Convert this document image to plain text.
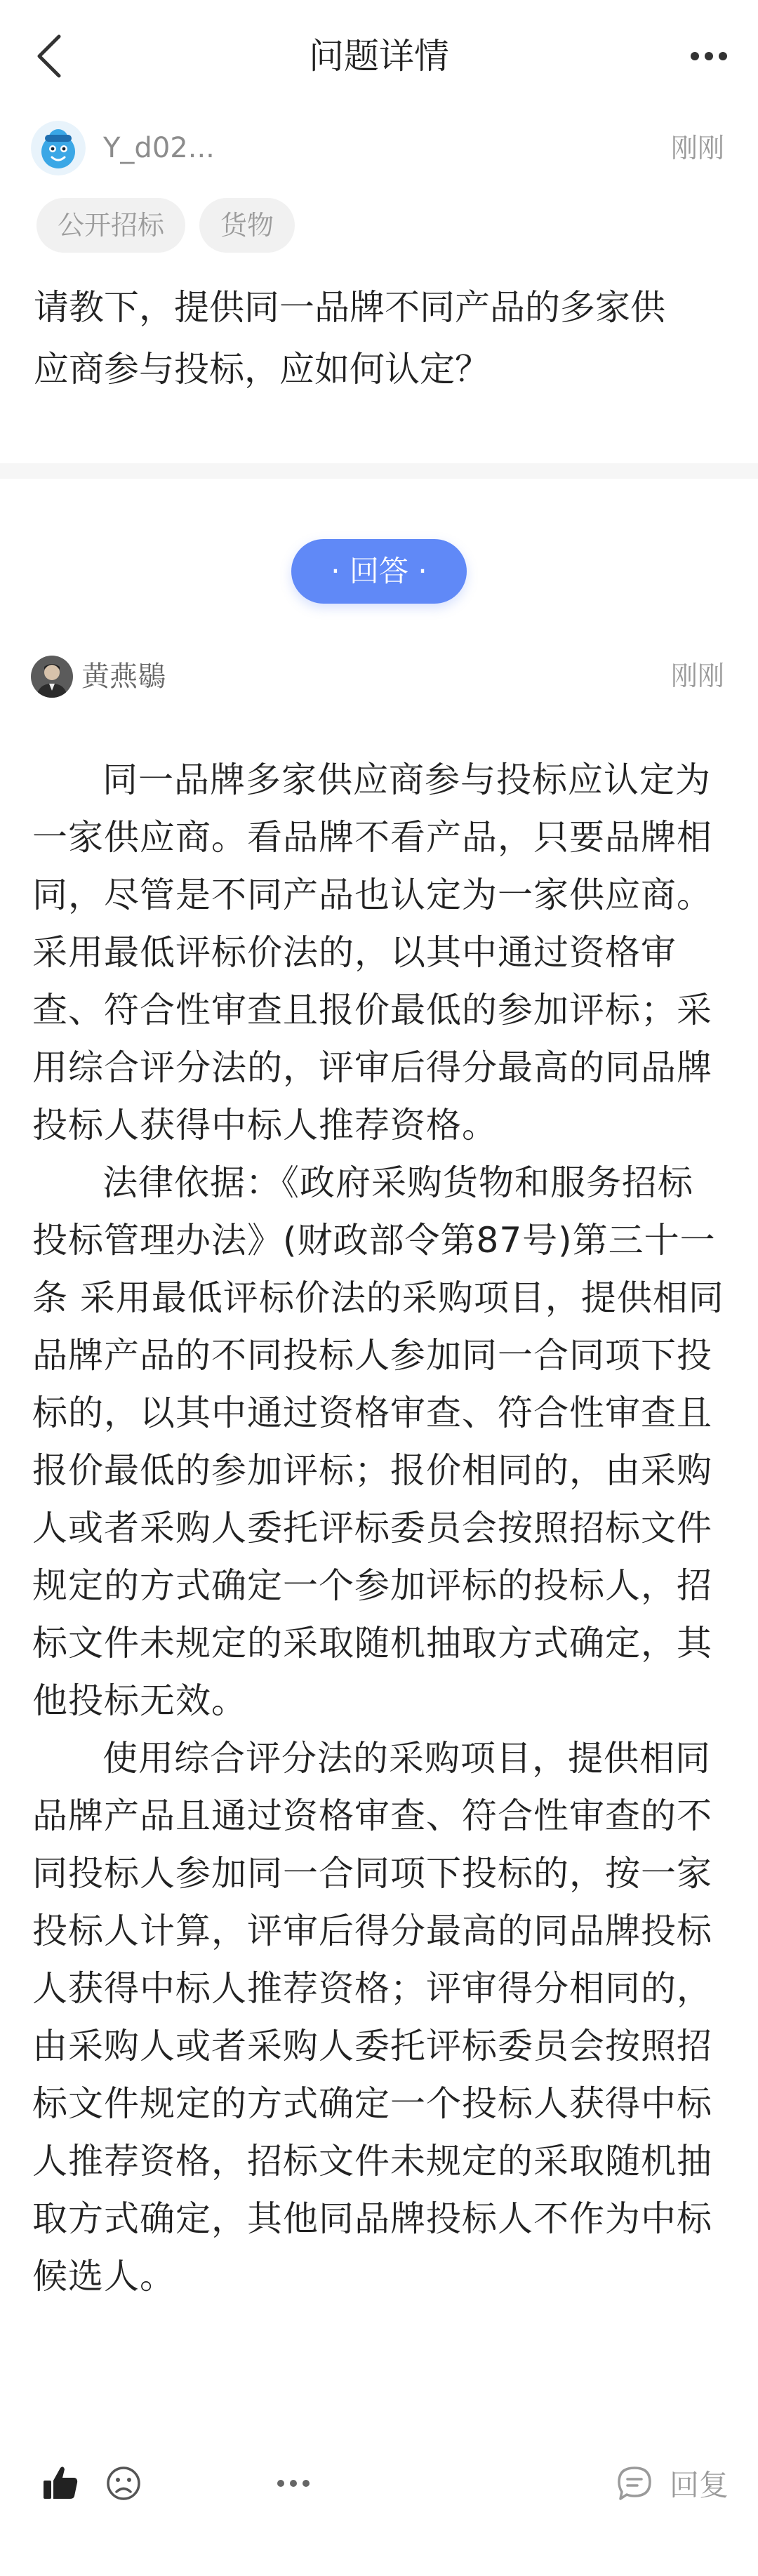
问题详情
Y_d02...	刚刚
公开招标	货物
请教下，提供同一品牌不同产品的多家供
应商参与投标，应如何认定？
· 回答 ·
黄燕鶡	刚刚

同一品牌多家供应商参与投标应认定为一家供应商。看品牌不看产品，只要品牌相同，尽管是不同产品也认定为一家供应商。采用最低评标价法的，以其中通过资格审查、符合性审查且报价最低的参加评标；采用综合评分法的，评审后得分最高的同品牌投标人获得中标人推荐资格。

法律依据：《政府采购货物和服务招标投标管理办法》(财政部令第87号)第三十一条 采用最低评标价法的采购项目，提供相同品牌产品的不同投标人参加同一合同项下投标的，以其中通过资格审查、符合性审查且报价最低的参加评标；报价相同的，由采购人或者采购人委托评标委员会按照招标文件规定的方式确定一个参加评标的投标人，招标文件未规定的采取随机抽取方式确定，其他投标无效。

使用综合评分法的采购项目，提供相同品牌产品且通过资格审查、符合性审查的不同投标人参加同一合同项下投标的，按一家投标人计算，评审后得分最高的同品牌投标人获得中标人推荐资格；评审得分相同的，由采购人或者采购人委托评标委员会按照招标文件规定的方式确定一个投标人获得中标人推荐资格，招标文件未规定的采取随机抽取方式确定，其他同品牌投标人不作为中标候选人。

回复
